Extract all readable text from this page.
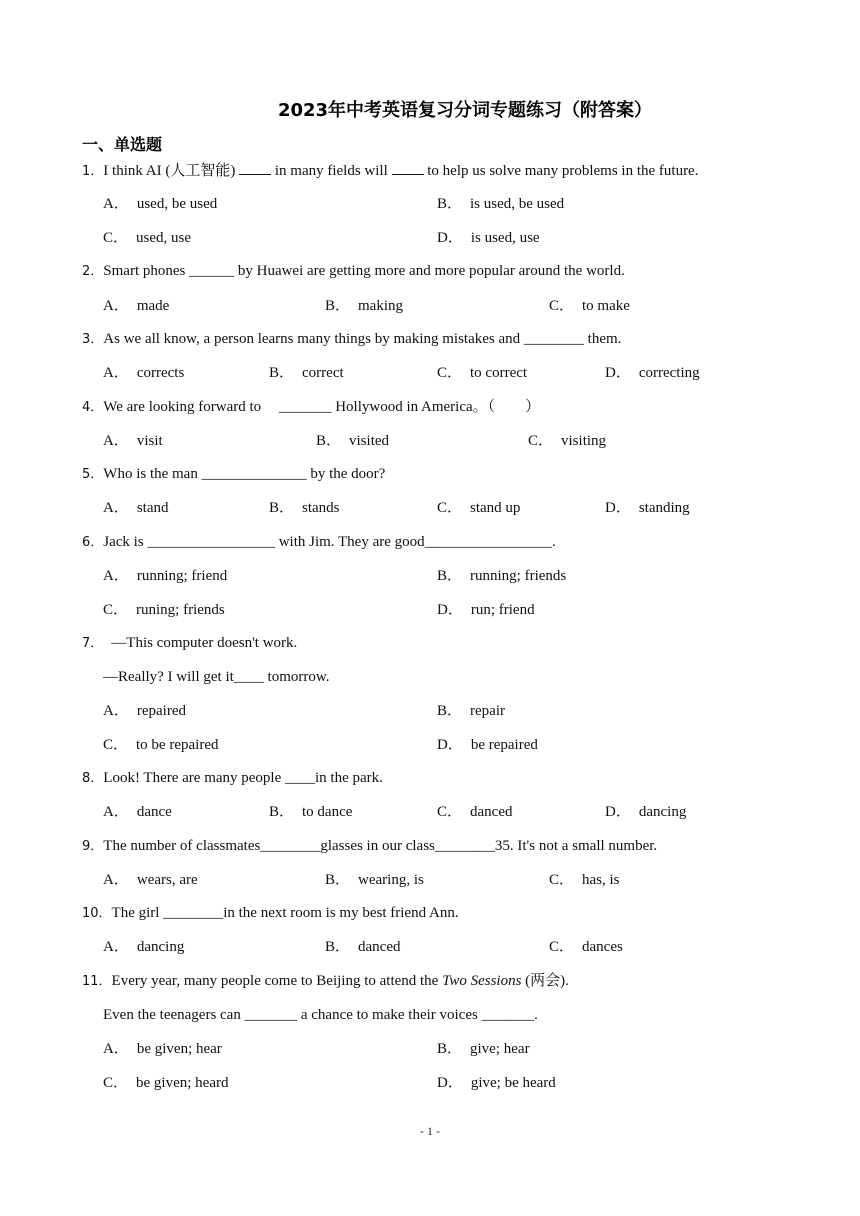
2023年中考英语复习分词专题练习（附答案）
一、单选题
1．I think AI (人工智能)	in many fields will	to help us solve many problems in the future.
A． used, be used	B． is used, be used
C． used, use	D． is used, use
2．Smart phones ______ by Huawei are getting more and more popular around the world.
A． made	B． making	C． to make
3．As we all know, a person learns many things by making mistakes and ________ them.
A． corrects	B． correct	C． to correct	D． correcting
4．We are looking forward to _______ Hollywood in America。（　　）
A． visit	B． visited	C． visiting
5．Who is the man ______________ by the door?
A． stand	B． stands	C． stand up	D． standing
6．Jack is _________________ with Jim. They are good_________________.
A． running; friend	B． running; friends
C． runing; friends	D． run; friend
7． —This computer doesn't work.
—Really? I will get it____ tomorrow.
A． repaired	B． repair
C． to be repaired	D． be repaired
8．Look! There are many people ____in the park.
A． dance	B． to dance	C． danced	D． dancing
9．The number of classmates________glasses in our class________35. It's not a small number.
A． wears, are	B． wearing, is	C． has, is
10．The girl ________in the next room is my best friend Ann.
A． dancing	B． danced	C． dances
11．Every year, many people come to Beijing to attend the Two Sessions (两会).
Even the teenagers can _______ a chance to make their voices _______.
A． be given; hear	B． give; hear
C． be given; heard	D． give; be heard
- 1 -
